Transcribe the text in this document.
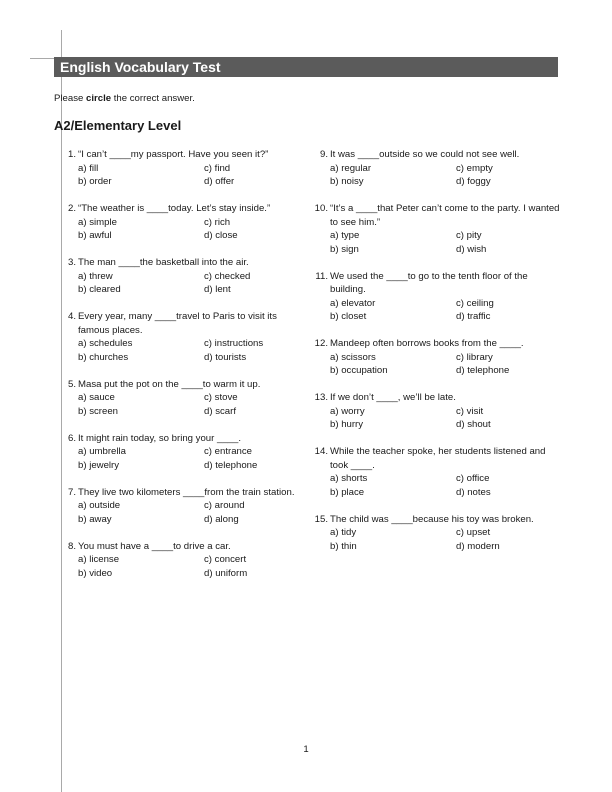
English Vocabulary Test
Please circle the correct answer.
A2/Elementary Level
1. “I can’t ____my passport. Have you seen it?”
a) fill	c) find
b) order	d) offer
2. “The weather is ____today. Let’s stay inside.”
a) simple	c) rich
b) awful	d) close
3. The man ____the basketball into the air.
a) threw	c) checked
b) cleared	d) lent
4. Every year, many ____travel to Paris to visit its famous places.
a) schedules	c) instructions
b) churches	d) tourists
5. Masa put the pot on the ____to warm it up.
a) sauce	c) stove
b) screen	d) scarf
6. It might rain today, so bring your ____.
a) umbrella	c) entrance
b) jewelry	d) telephone
7. They live two kilometers ____from the train station.
a) outside	c) around
b) away	d) along
8. You must have a ____to drive a car.
a) license	c) concert
b) video	d) uniform
9. It was ____outside so we could not see well.
a) regular	c) empty
b) noisy	d) foggy
10. “It’s a ____that Peter can’t come to the party. I wanted to see him.”
a) type	c) pity
b) sign	d) wish
11. We used the ____to go to the tenth floor of the building.
a) elevator	c) ceiling
b) closet	d) traffic
12. Mandeep often borrows books from the ____.
a) scissors	c) library
b) occupation	d) telephone
13. If we don’t ____, we’ll be late.
a) worry	c) visit
b) hurry	d) shout
14. While the teacher spoke, her students listened and took ____.
a) shorts	c) office
b) place	d) notes
15. The child was ____because his toy was broken.
a) tidy	c) upset
b) thin	d) modern
1
